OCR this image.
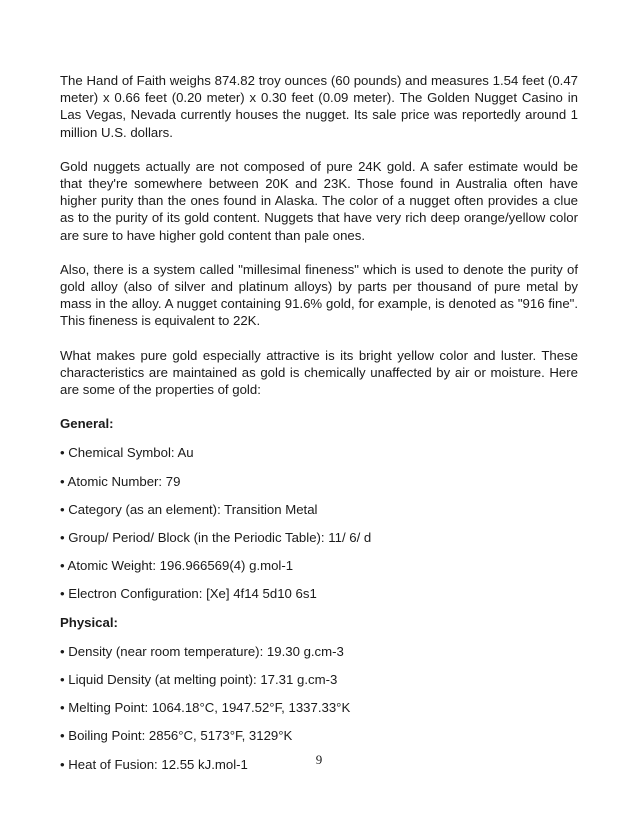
The Hand of Faith weighs 874.82 troy ounces (60 pounds) and measures 1.54 feet (0.47 meter) x 0.66 feet (0.20 meter) x 0.30 feet (0.09 meter). The Golden Nugget Casino in Las Vegas, Nevada currently houses the nugget. Its sale price was reportedly around 1 million U.S. dollars.

Gold nuggets actually are not composed of pure 24K gold. A safer estimate would be that they're somewhere between 20K and 23K. Those found in Australia often have higher purity than the ones found in Alaska. The color of a nugget often provides a clue as to the purity of its gold content. Nuggets that have very rich deep orange/yellow color are sure to have higher gold content than pale ones.

Also, there is a system called "millesimal fineness" which is used to denote the purity of gold alloy (also of silver and platinum alloys) by parts per thousand of pure metal by mass in the alloy. A nugget containing 91.6% gold, for example, is denoted as "916 fine". This fineness is equivalent to 22K.

What makes pure gold especially attractive is its bright yellow color and luster. These characteristics are maintained as gold is chemically unaffected by air or moisture. Here are some of the properties of gold:

General:
• Chemical Symbol: Au
• Atomic Number: 79
• Category (as an element): Transition Metal
• Group/ Period/ Block (in the Periodic Table): 11/ 6/ d
• Atomic Weight: 196.966569(4) g.mol-1
• Electron Configuration: [Xe] 4f14 5d10 6s1
Physical:
• Density (near room temperature): 19.30 g.cm-3
• Liquid Density (at melting point): 17.31 g.cm-3
• Melting Point: 1064.18°C, 1947.52°F, 1337.33°K
• Boiling Point: 2856°C, 5173°F, 3129°K
• Heat of Fusion: 12.55 kJ.mol-1	9
